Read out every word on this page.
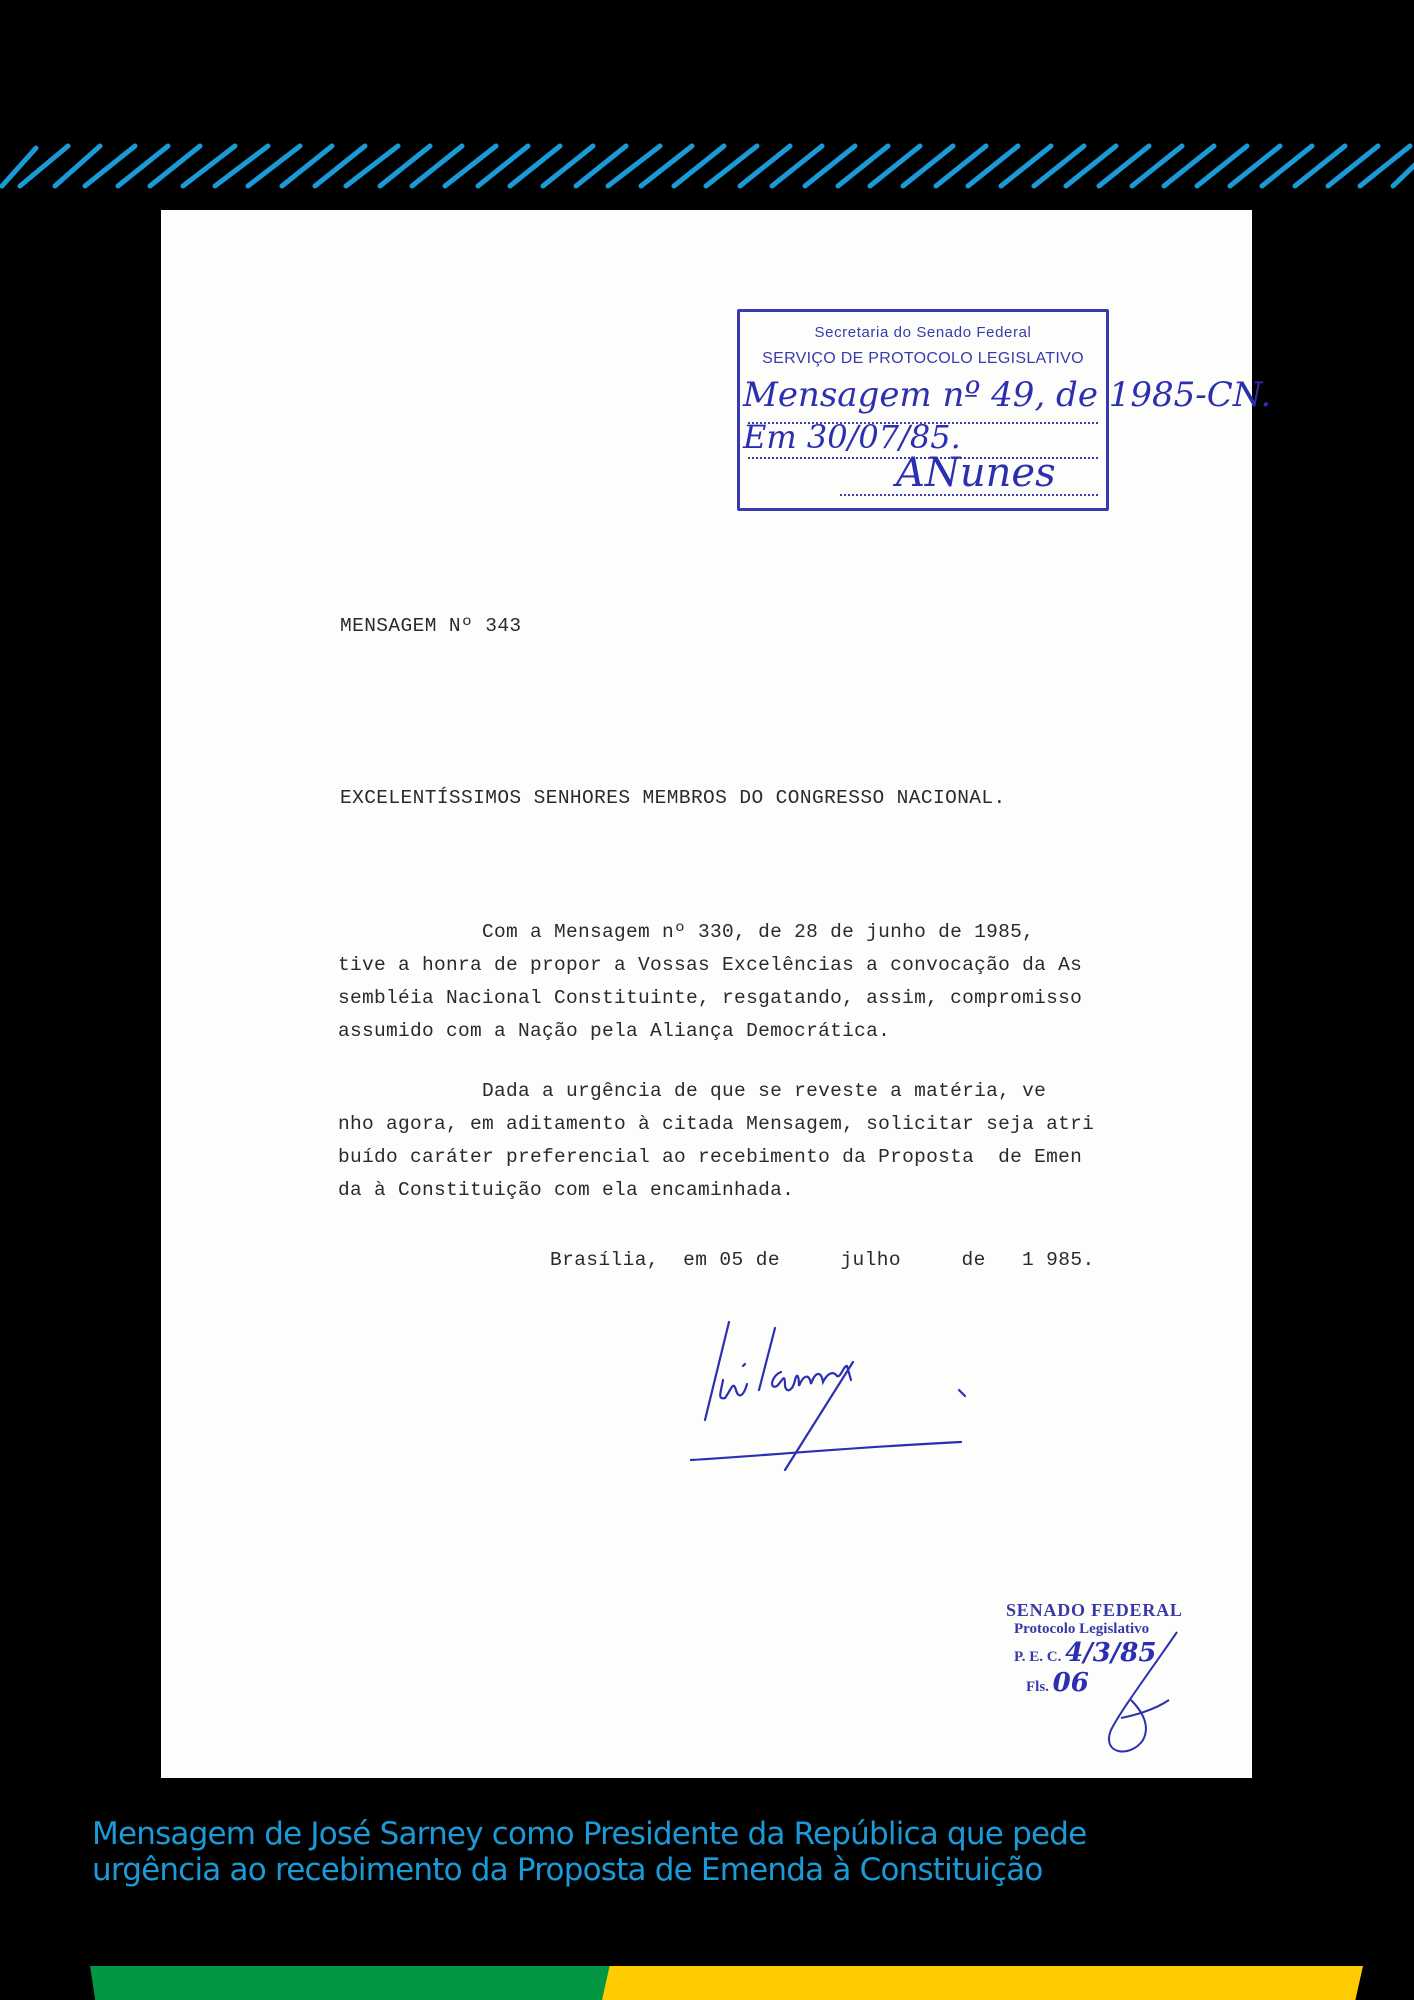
Secretaria do Senado Federal
SERVIÇO DE PROTOCOLO LEGISLATIVO
Mensagem nº 49, de 1985-CN.
Em 30/07/85.
ANunes
MENSAGEM Nº 343
EXCELENTÍSSIMOS SENHORES MEMBROS DO CONGRESSO NACIONAL.
Com a Mensagem nº 330, de 28 de junho de 1985,
tive a honra de propor a Vossas Excelências a convocação da As
sembléia Nacional Constituinte, resgatando, assim, compromisso
assumido com a Nação pela Aliança Democrática.
Dada a urgência de que se reveste a matéria, ve
nho agora, em aditamento à citada Mensagem, solicitar seja atri
buído caráter preferencial ao recebimento da Proposta  de Emen
da à Constituição com ela encaminhada.
Brasília,  em 05 de     julho     de   1 985.
SENADO FEDERAL
Protocolo Legislativo
P. E. C. 4/3/85
Fls. 06
Mensagem de José Sarney como Presidente da República que pede
urgência ao recebimento da Proposta de Emenda à Constituição
